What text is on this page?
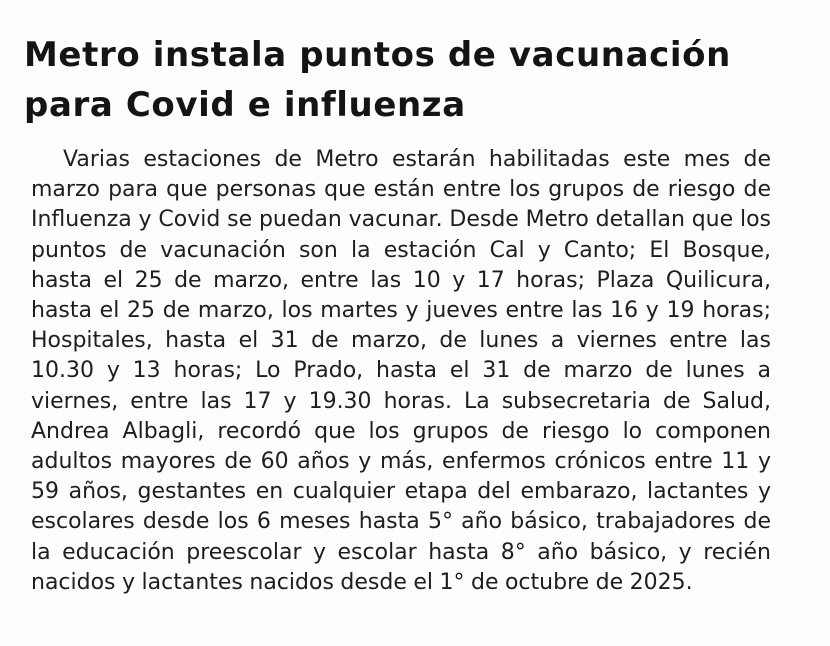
Metro instala puntos de vacunación para Covid e influenza

Varias estaciones de Metro estarán habilitadas este mes de marzo para que personas que están entre los grupos de riesgo de Influenza y Covid se puedan vacunar. Desde Metro detallan que los puntos de vacunación son la estación Cal y Canto; El Bosque, hasta el 25 de marzo, entre las 10 y 17 horas; Plaza Quilicura, hasta el 25 de marzo, los martes y jueves entre las 16 y 19 horas; Hospitales, hasta el 31 de marzo, de lunes a viernes entre las 10.30 y 13 horas; Lo Prado, hasta el 31 de marzo de lunes a viernes, entre las 17 y 19.30 horas. La subsecretaria de Salud, Andrea Albagli, recordó que los grupos de riesgo lo componen adultos mayores de 60 años y más, enfermos crónicos entre 11 y 59 años, gestantes en cualquier etapa del embarazo, lactantes y escolares desde los 6 meses hasta 5° año básico, trabajadores de la educación preescolar y escolar hasta 8° año básico, y recién nacidos y lactantes nacidos desde el 1° de octubre de 2025.
